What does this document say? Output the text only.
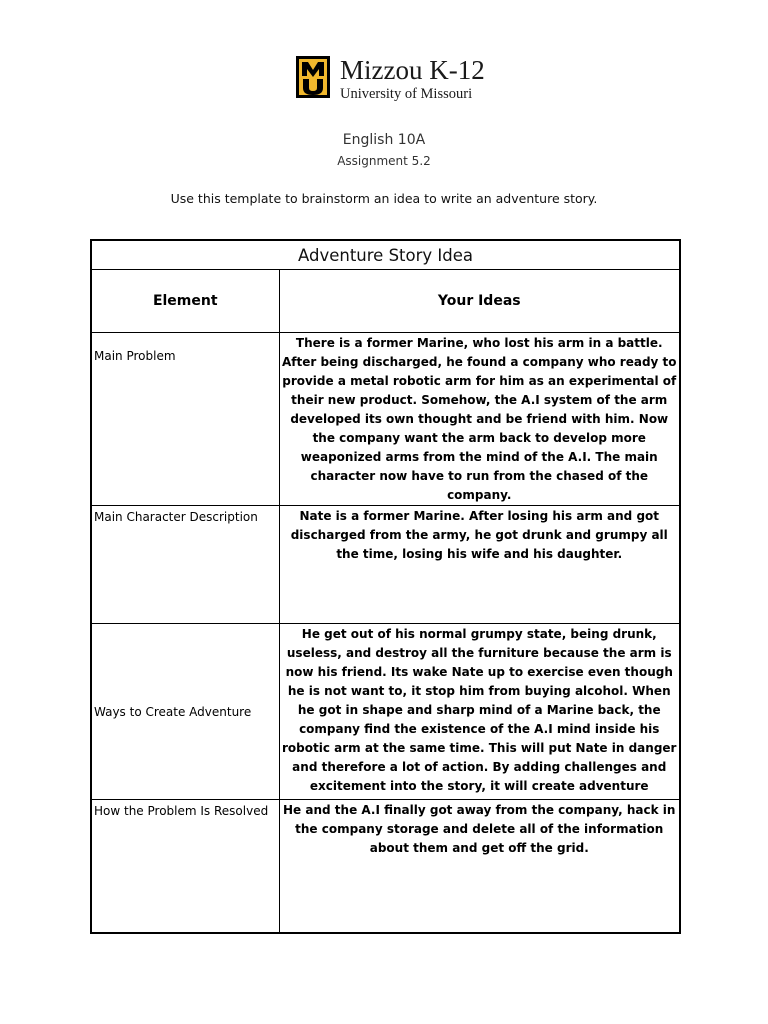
Mizzou K-12
University of Missouri
English 10A
Assignment 5.2
Use this template to brainstorm an idea to write an adventure story.
Adventure Story Idea	
Element	Your Ideas
Main Problem	There is a former Marine, who lost his arm in a battle. After being discharged, he found a company who ready to provide a metal robotic arm for him as an experimental of their new product. Somehow, the A.I system of the arm developed its own thought and be friend with him. Now the company want the arm back to develop more weaponized arms from the mind of the A.I. The main character now have to run from the chased of the company.
Main Character Description	Nate is a former Marine. After losing his arm and got discharged from the army, he got drunk and grumpy all the time, losing his wife and his daughter.
Ways to Create Adventure	He get out of his normal grumpy state, being drunk, useless, and destroy all the furniture because the arm is now his friend. Its wake Nate up to exercise even though he is not want to, it stop him from buying alcohol. When he got in shape and sharp mind of a Marine back, the company find the existence of the A.I mind inside his robotic arm at the same time. This will put Nate in danger and therefore a lot of action. By adding challenges and excitement into the story, it will create adventure
How the Problem Is Resolved	He and the A.I finally got away from the company, hack in the company storage and delete all of the information about them and get off the grid.
